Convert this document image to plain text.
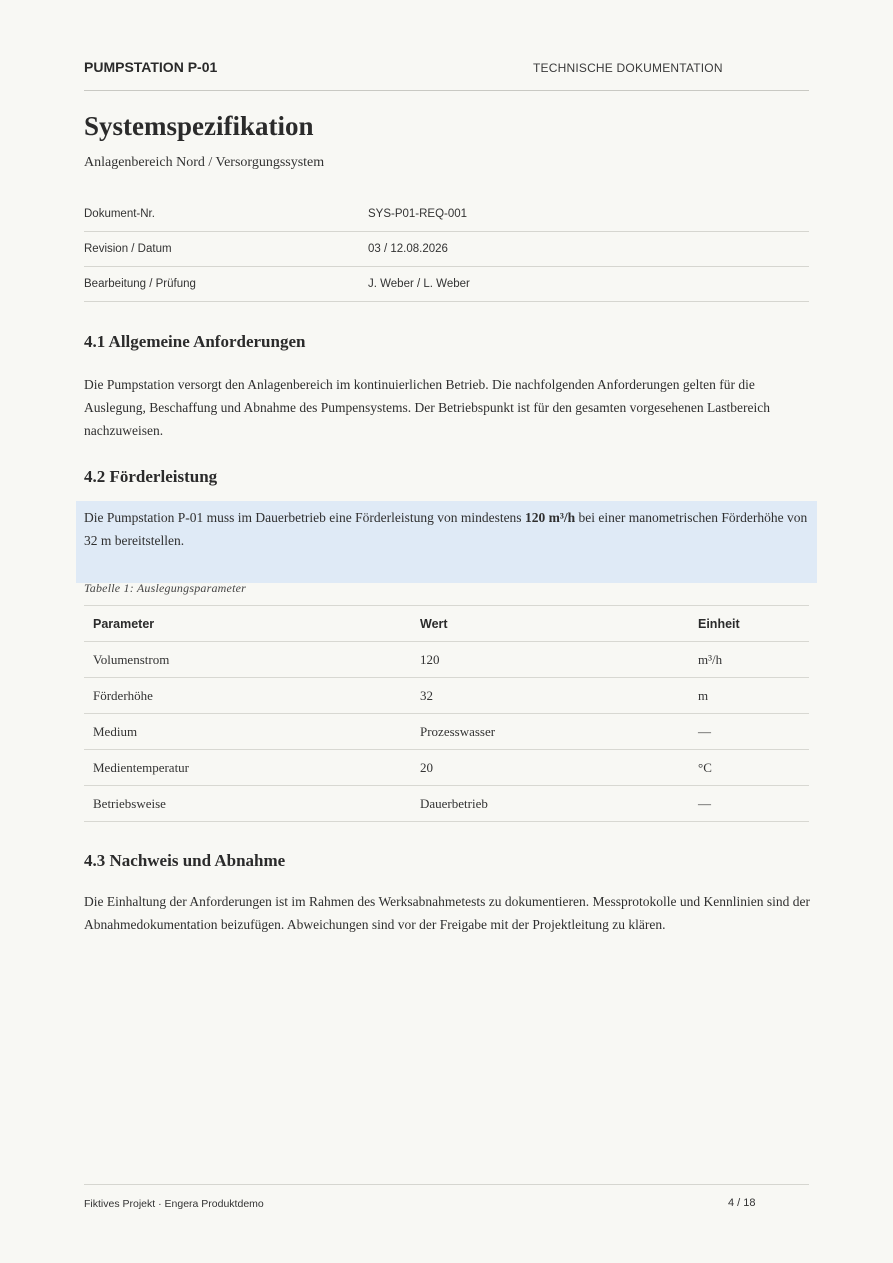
PUMPSTATION P-01	TECHNISCHE DOKUMENTATION
Systemspezifikation
Anlagenbereich Nord / Versorgungssystem
Dokument-Nr.	SYS-P01-REQ-001
Revision / Datum	03 / 12.08.2026
Bearbeitung / Prüfung	J. Weber / L. Weber
4.1 Allgemeine Anforderungen

Die Pumpstation versorgt den Anlagenbereich im kontinuierlichen Betrieb. Die nachfolgenden Anforderungen gelten für die Auslegung, Beschaffung und Abnahme des Pumpensystems. Der Betriebspunkt ist für den gesamten vorgesehenen Lastbereich nachzuweisen.

4.2 Förderleistung

Die Pumpstation P-01 muss im Dauerbetrieb eine Förderleistung von mindestens 120 m³/h bei einer manometrischen Förderhöhe von 32 m bereitstellen.

Tabelle 1: Auslegungsparameter
Parameter	Wert	Einheit
Volumenstrom	120	m³/h
Förderhöhe	32	m
Medium	Prozesswasser	—
Medientemperatur	20	°C
Betriebsweise	Dauerbetrieb	—
4.3 Nachweis und Abnahme

Die Einhaltung der Anforderungen ist im Rahmen des Werksabnahmetests zu dokumentieren. Messprotokolle und Kennlinien sind der Abnahmedokumentation beizufügen. Abweichungen sind vor der Freigabe mit der Projektleitung zu klären.

Fiktives Projekt · Engera Produktdemo	4 / 18
